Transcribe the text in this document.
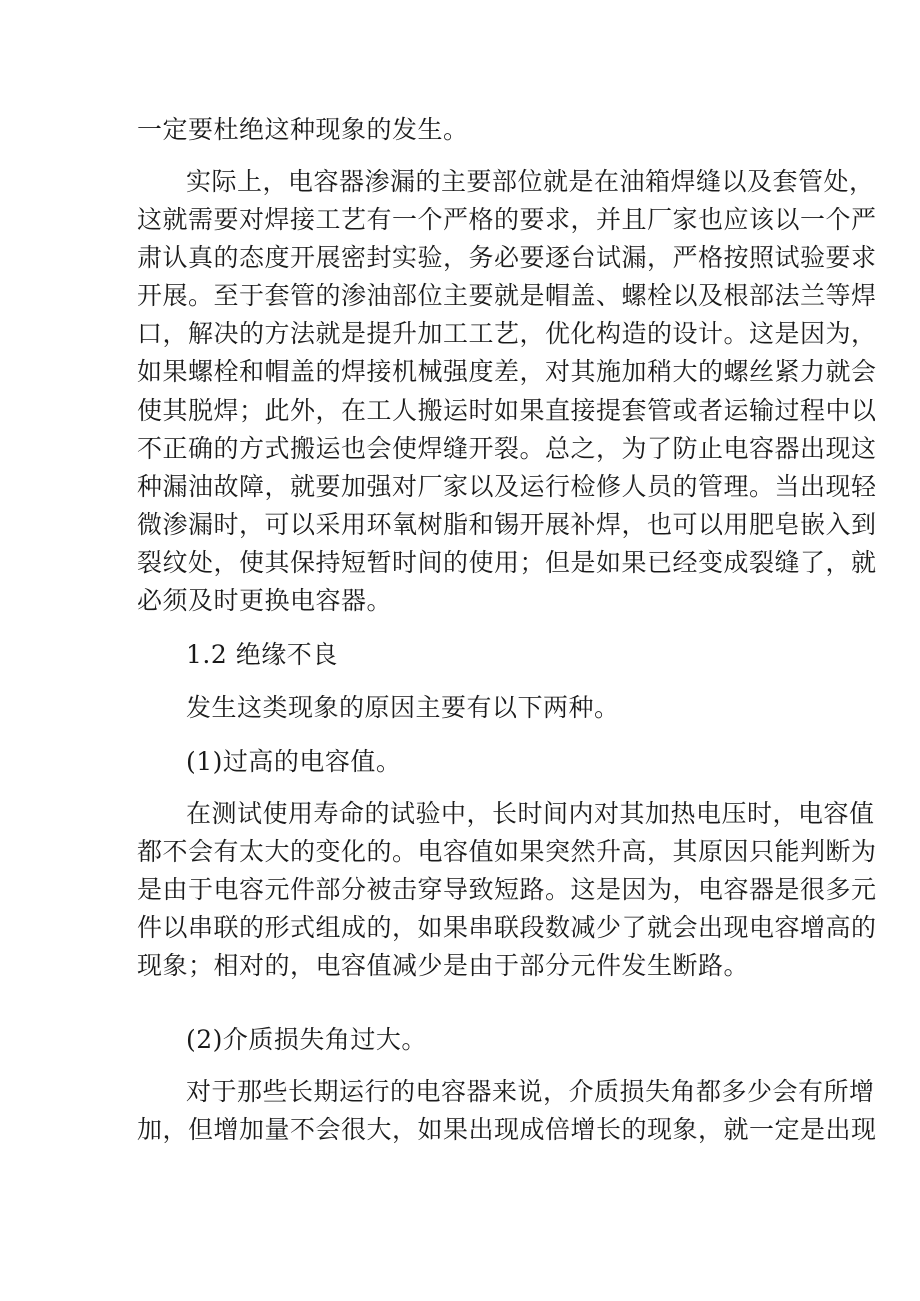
一定要杜绝这种现象的发生。
实际上，电容器渗漏的主要部位就是在油箱焊缝以及套管处，
这就需要对焊接工艺有一个严格的要求，并且厂家也应该以一个严
肃认真的态度开展密封实验，务必要逐台试漏，严格按照试验要求
开展。至于套管的渗油部位主要就是帽盖、螺栓以及根部法兰等焊
口，解决的方法就是提升加工工艺，优化构造的设计。这是因为，
如果螺栓和帽盖的焊接机械强度差，对其施加稍大的螺丝紧力就会
使其脱焊；此外，在工人搬运时如果直接提套管或者运输过程中以
不正确的方式搬运也会使焊缝开裂。总之，为了防止电容器出现这
种漏油故障，就要加强对厂家以及运行检修人员的管理。当出现轻
微渗漏时，可以采用环氧树脂和锡开展补焊，也可以用肥皂嵌入到
裂纹处，使其保持短暂时间的使用；但是如果已经变成裂缝了，就
必须及时更换电容器。
1.2 绝缘不良
发生这类现象的原因主要有以下两种。
(1)过高的电容值。
在测试使用寿命的试验中，长时间内对其加热电压时，电容值
都不会有太大的变化的。电容值如果突然升高，其原因只能判断为
是由于电容元件部分被击穿导致短路。这是因为，电容器是很多元
件以串联的形式组成的，如果串联段数减少了就会出现电容增高的
现象；相对的，电容值减少是由于部分元件发生断路。
(2)介质损失角过大。
对于那些长期运行的电容器来说，介质损失角都多少会有所增
加，但增加量不会很大，如果出现成倍增长的现象，就一定是出现
